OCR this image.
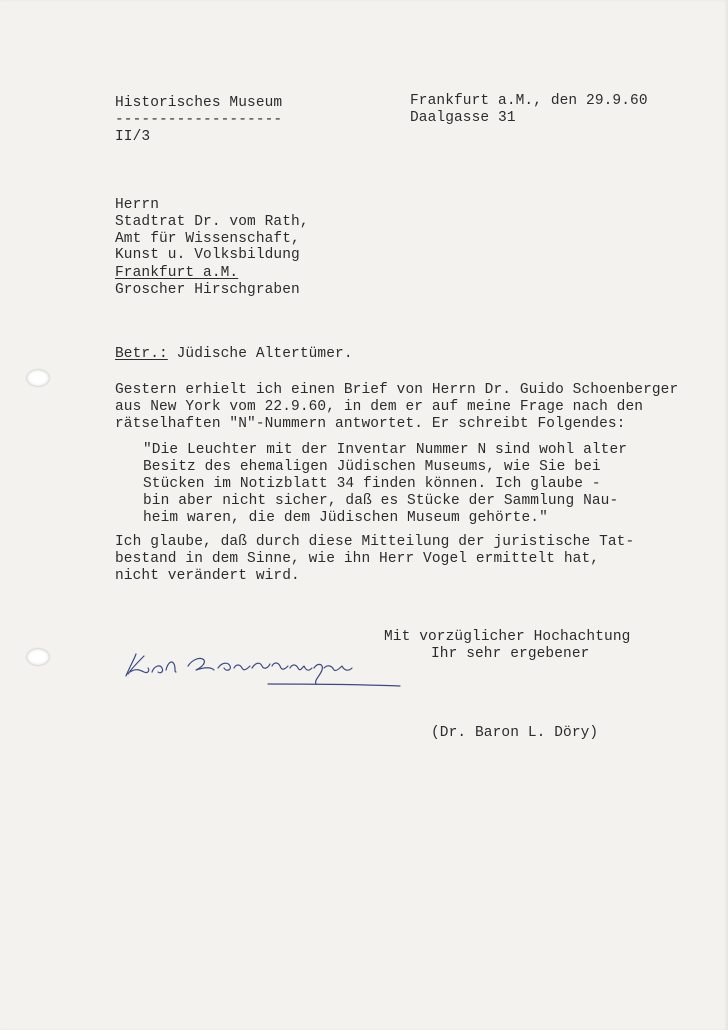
Historisches Museum
-------------------
II/3
Frankfurt a.M., den 29.9.60
Daalgasse 31
Herrn
Stadtrat Dr. vom Rath,
Amt für Wissenschaft,
Kunst u. Volksbildung
Frankfurt a.M.
Groscher Hirschgraben
Betr.: Jüdische Altertümer.
Gestern erhielt ich einen Brief von Herrn Dr. Guido Schoenberger
aus New York vom 22.9.60, in dem er auf meine Frage nach den
rätselhaften "N"-Nummern antwortet. Er schreibt Folgendes:
"Die Leuchter mit der Inventar Nummer N sind wohl alter
Besitz des ehemaligen Jüdischen Museums, wie Sie bei
Stücken im Notizblatt 34 finden können. Ich glaube -
bin aber nicht sicher, daß es Stücke der Sammlung Nau-
heim waren, die dem Jüdischen Museum gehörte."
Ich glaube, daß durch diese Mitteilung der juristische Tat-
bestand in dem Sinne, wie ihn Herr Vogel ermittelt hat,
nicht verändert wird.
Mit vorzüglicher Hochachtung
Ihr sehr ergebener
(Dr. Baron L. Döry)
